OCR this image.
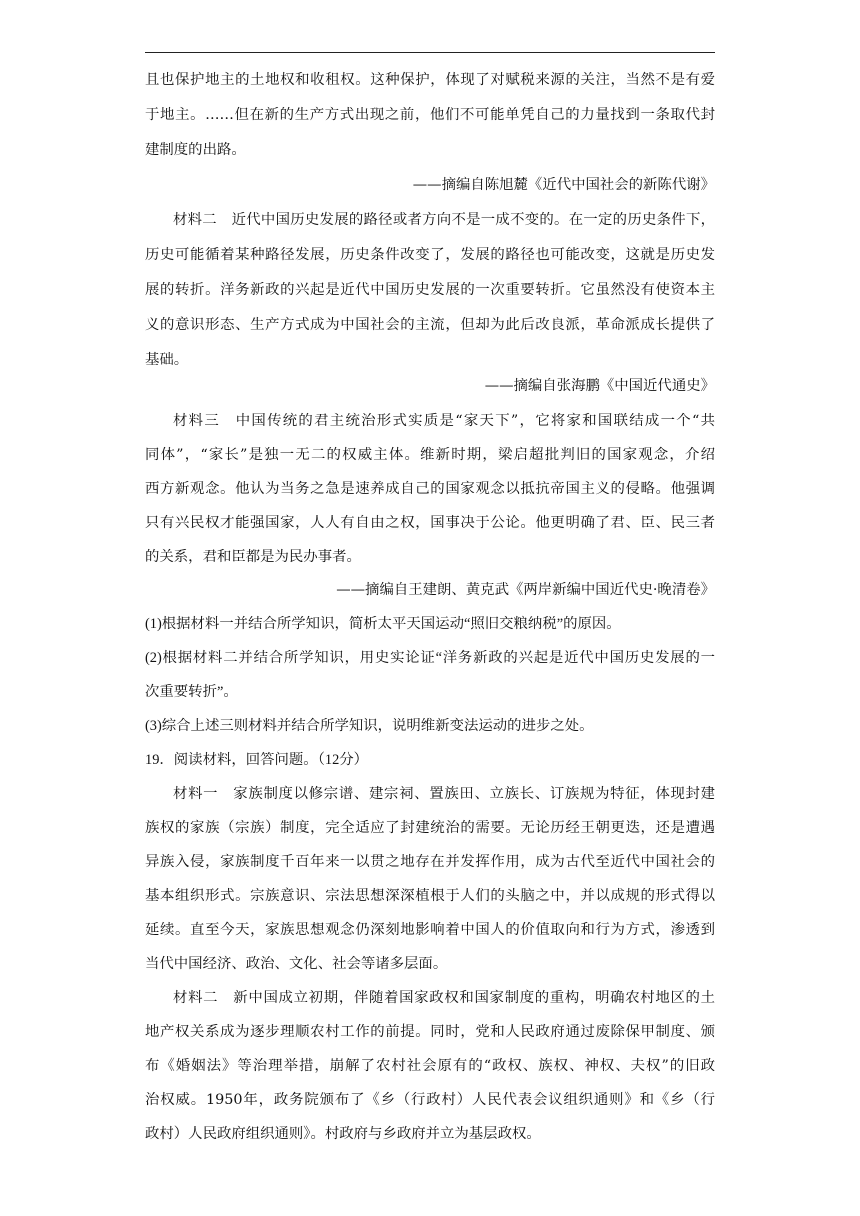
且也保护地主的土地权和收租权。这种保护，体现了对赋税来源的关注，当然不是有爱
于地主。……但在新的生产方式出现之前，他们不可能单凭自己的力量找到一条取代封
建制度的出路。
——摘编自陈旭麓《近代中国社会的新陈代谢》
材料二　近代中国历史发展的路径或者方向不是一成不变的。在一定的历史条件下，
历史可能循着某种路径发展，历史条件改变了，发展的路径也可能改变，这就是历史发
展的转折。洋务新政的兴起是近代中国历史发展的一次重要转折。它虽然没有使资本主
义的意识形态、生产方式成为中国社会的主流，但却为此后改良派，革命派成长提供了
基础。
——摘编自张海鹏《中国近代通史》
材料三　中国传统的君主统治形式实质是“家天下”，它将家和国联结成一个“共
同体”，“家长”是独一无二的权威主体。维新时期，梁启超批判旧的国家观念，介绍
西方新观念。他认为当务之急是速养成自己的国家观念以抵抗帝国主义的侵略。他强调
只有兴民权才能强国家，人人有自由之权，国事决于公论。他更明确了君、臣、民三者
的关系，君和臣都是为民办事者。
——摘编自王建朗、黄克武《两岸新编中国近代史·晚清卷》
(1)根据材料一并结合所学知识，简析太平天国运动“照旧交粮纳税”的原因。
(2)根据材料二并结合所学知识，用史实论证“洋务新政的兴起是近代中国历史发展的一
次重要转折”。
(3)综合上述三则材料并结合所学知识，说明维新变法运动的进步之处。
19．阅读材料，回答问题。（12分）
材料一　家族制度以修宗谱、建宗祠、置族田、立族长、订族规为特征，体现封建
族权的家族（宗族）制度，完全适应了封建统治的需要。无论历经王朝更迭，还是遭遇
异族入侵，家族制度千百年来一以贯之地存在并发挥作用，成为古代至近代中国社会的
基本组织形式。宗族意识、宗法思想深深植根于人们的头脑之中，并以成规的形式得以
延续。直至今天，家族思想观念仍深刻地影响着中国人的价值取向和行为方式，渗透到
当代中国经济、政治、文化、社会等诸多层面。
材料二　新中国成立初期，伴随着国家政权和国家制度的重构，明确农村地区的土
地产权关系成为逐步理顺农村工作的前提。同时，党和人民政府通过废除保甲制度、颁
布《婚姻法》等治理举措，崩解了农村社会原有的“政权、族权、神权、夫权”的旧政
治权威。1950年，政务院颁布了《乡（行政村）人民代表会议组织通则》和《乡（行
政村）人民政府组织通则》。村政府与乡政府并立为基层政权。
